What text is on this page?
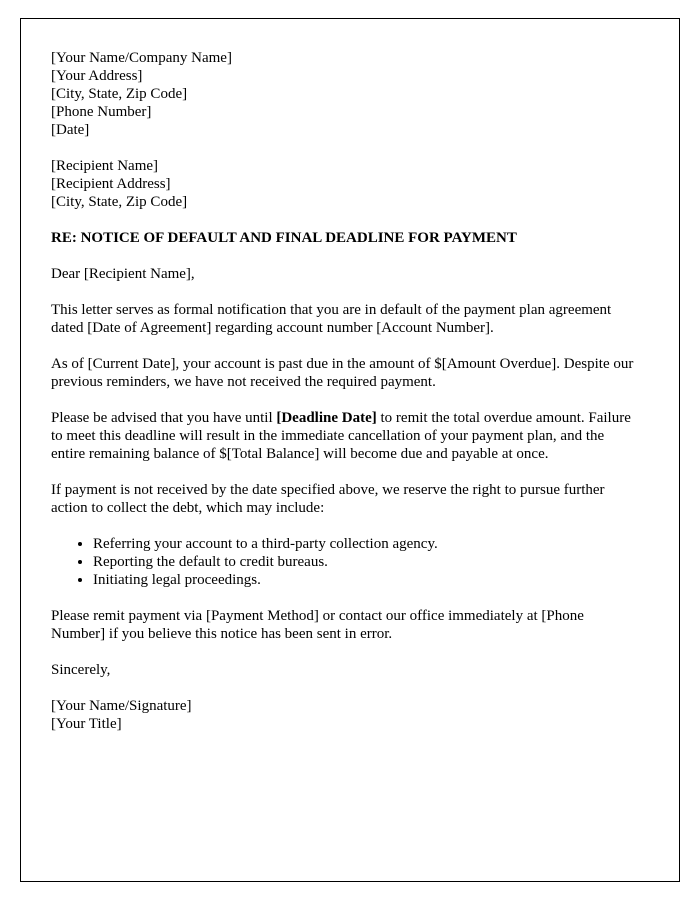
[Your Name/Company Name]

[Your Address]

[City, State, Zip Code]

[Phone Number]

[Date]

[Recipient Name]

[Recipient Address]

[City, State, Zip Code]

RE: NOTICE OF DEFAULT AND FINAL DEADLINE FOR PAYMENT

Dear [Recipient Name],

This letter serves as formal notification that you are in default of the payment plan agreement dated [Date of Agreement] regarding account number [Account Number].

As of [Current Date], your account is past due in the amount of $[Amount Overdue]. Despite our previous reminders, we have not received the required payment.

Please be advised that you have until [Deadline Date] to remit the total overdue amount. Failure to meet this deadline will result in the immediate cancellation of your payment plan, and the entire remaining balance of $[Total Balance] will become due and payable at once.

If payment is not received by the date specified above, we reserve the right to pursue further action to collect the debt, which may include:

• Referring your account to a third-party collection agency.
• Reporting the default to credit bureaus.
• Initiating legal proceedings.

Please remit payment via [Payment Method] or contact our office immediately at [Phone Number] if you believe this notice has been sent in error.

Sincerely,

[Your Name/Signature]

[Your Title]
